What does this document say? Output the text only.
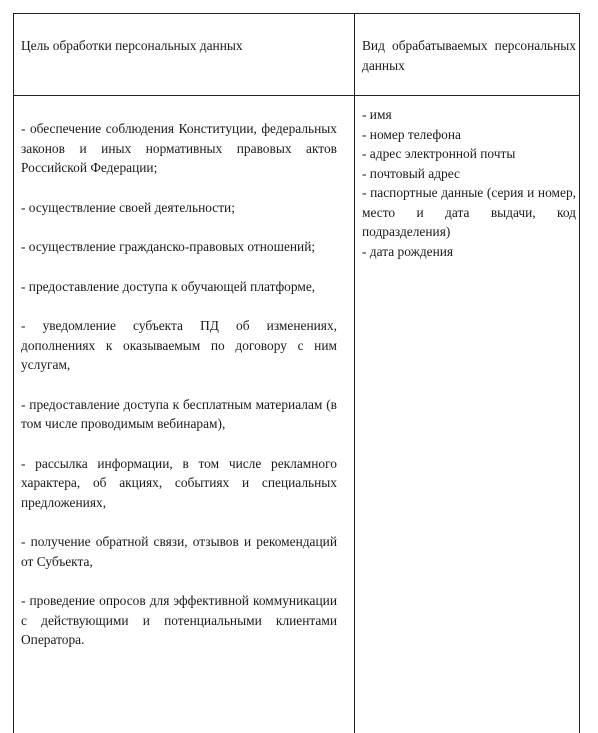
Цель обработки персональных данных	Вид обрабатываемых персональных данных

- обеспечение соблюдения Конституции, федеральных законов и иных нормативных правовых актов Российской Федерации;

- осуществление своей деятельности;

- осуществление гражданско-правовых отношений;

- предоставление доступа к обучающей платформе,

- уведомление субъекта ПД об изменениях, дополнениях к оказываемым по договору с ним услугам,

- предоставление доступа к бесплатным материалам (в том числе проводимым вебинарам),

- рассылка информации, в том числе рекламного характера, об акциях, событиях и специальных предложениях,

- получение обратной связи, отзывов и рекомендаций от Субъекта,

- проведение опросов для эффективной коммуникации с действующими и потенциальными клиентами Оператора.

- имя

- номер телефона

- адрес электронной почты

- почтовый адрес

- паспортные данные (серия и номер, место и дата выдачи, код подразделения)

- дата рождения
